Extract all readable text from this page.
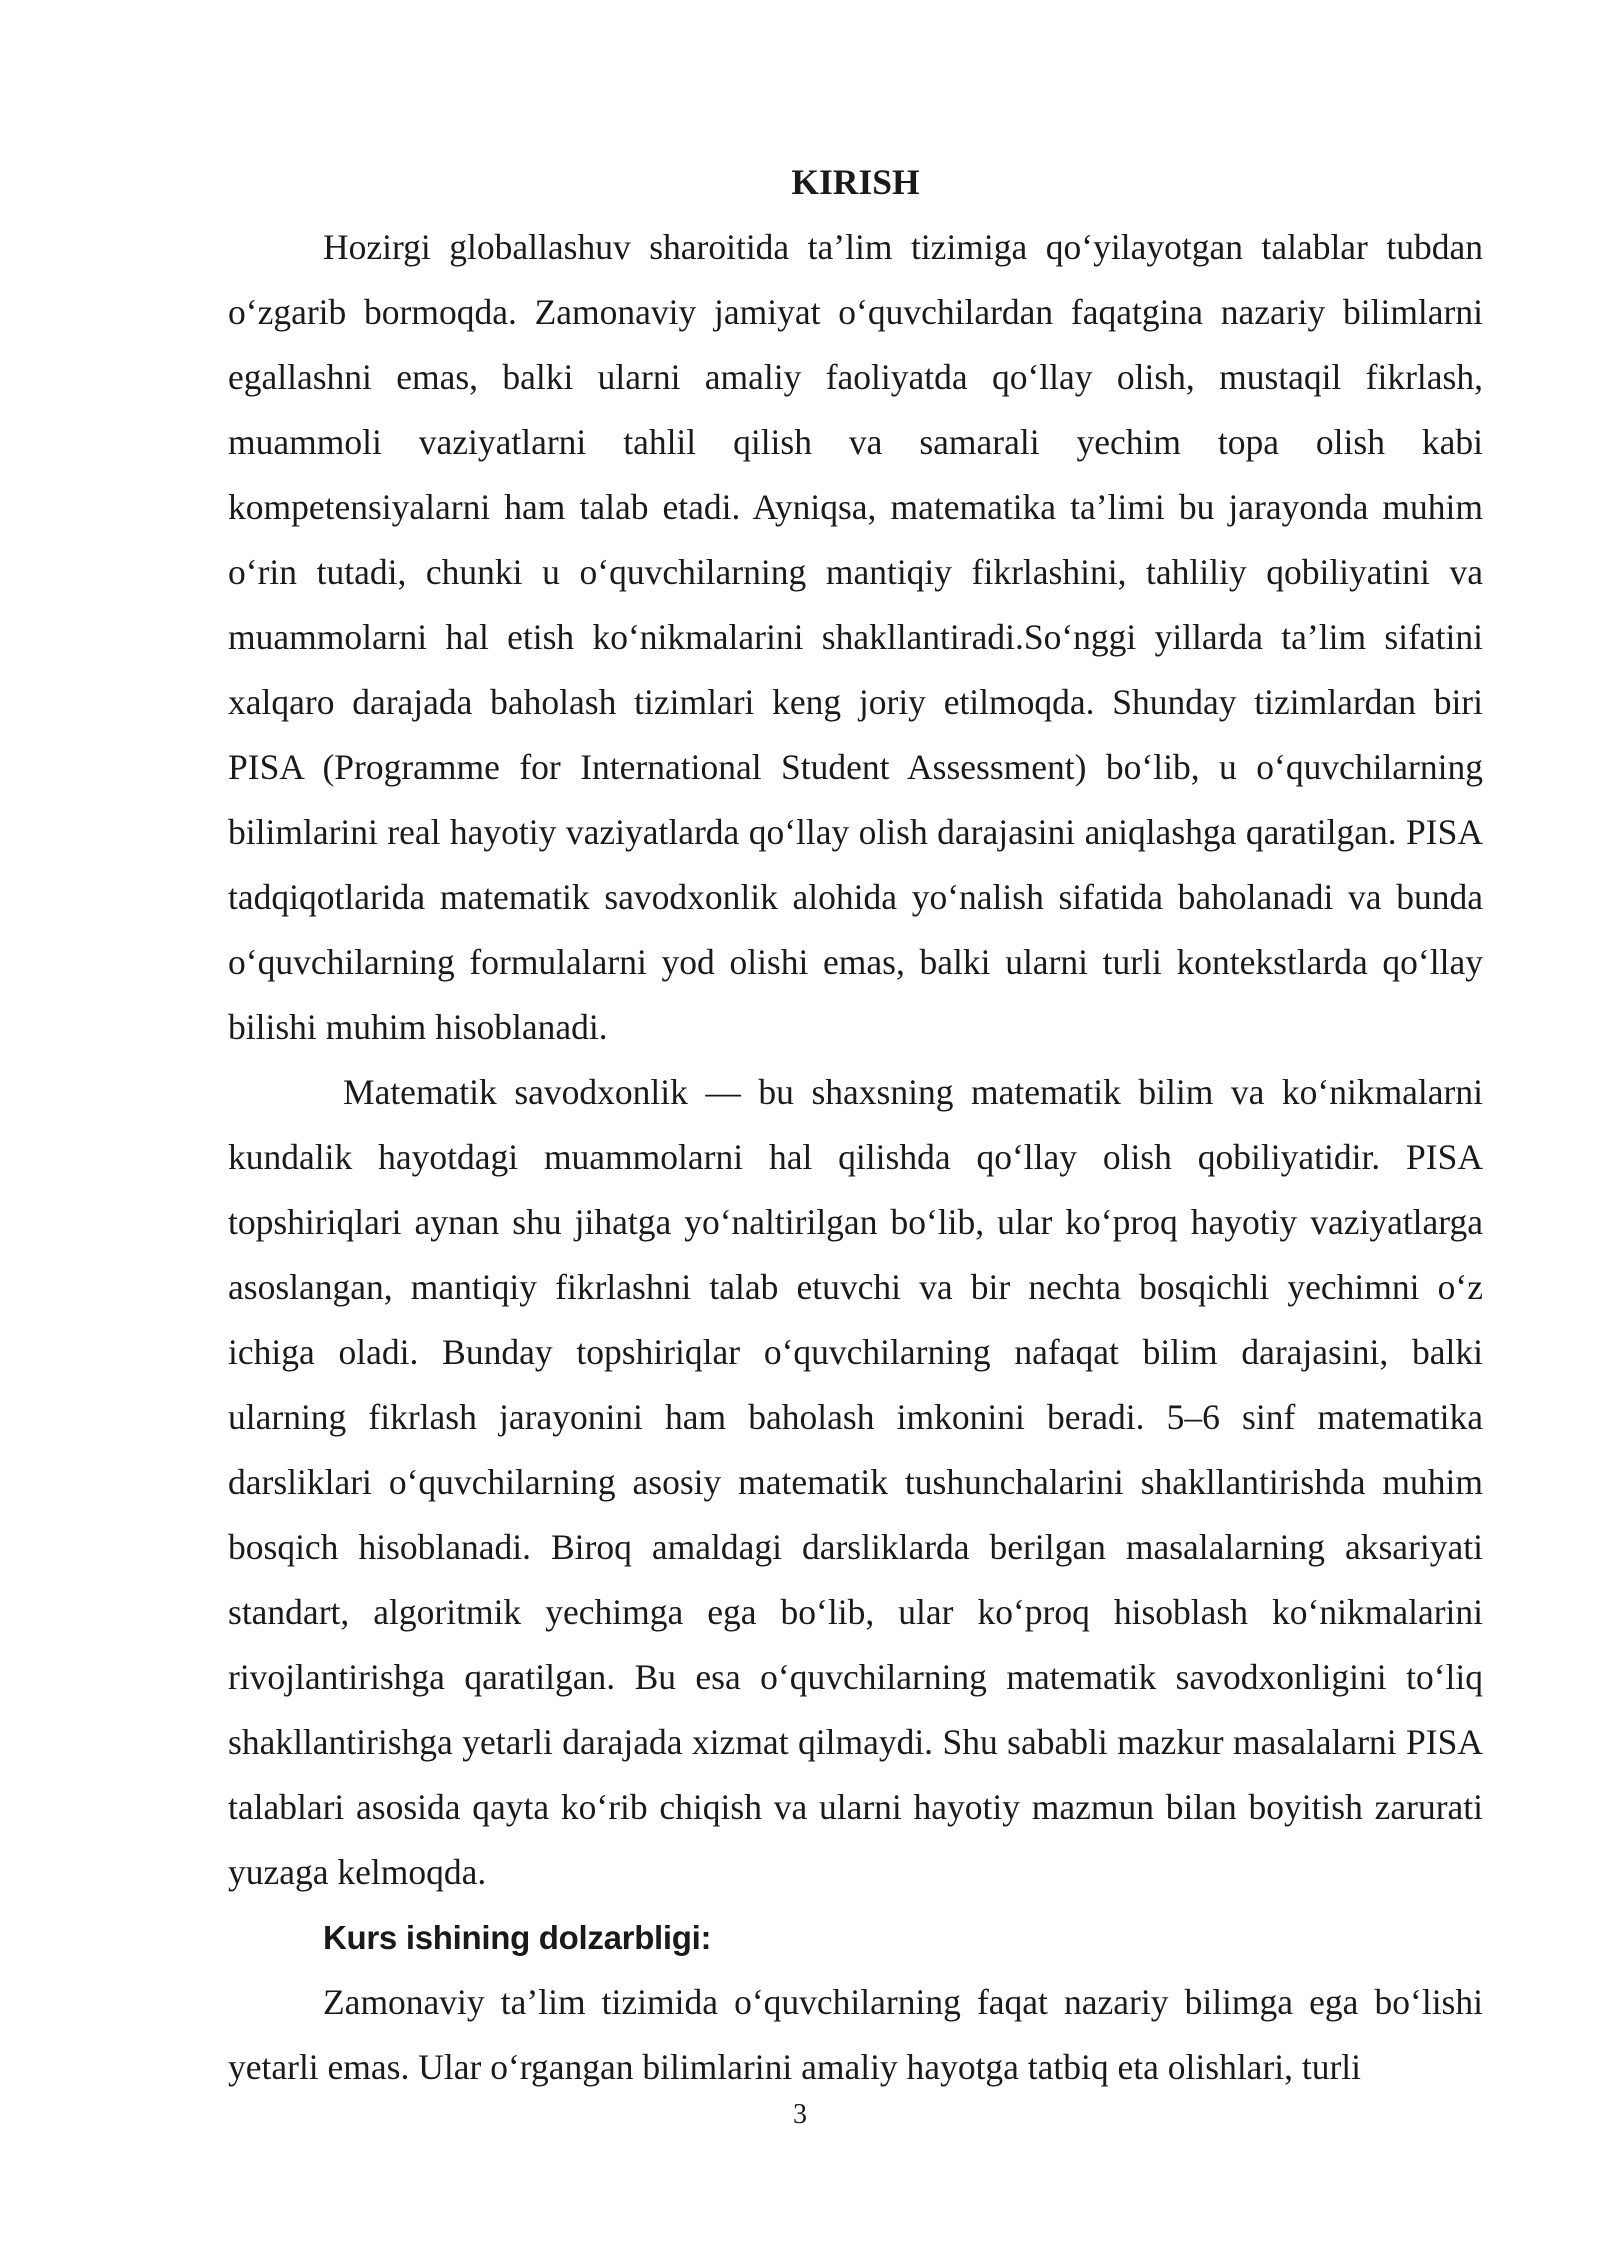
KIRISH

Hozirgi globallashuv sharoitida ta’lim tizimiga qo‘yilayotgan talablar tubdan o‘zgarib bormoqda. Zamonaviy jamiyat o‘quvchilardan faqatgina nazariy bilimlarni egallashni emas, balki ularni amaliy faoliyatda qo‘llay olish, mustaqil fikrlash, muammoli vaziyatlarni tahlil qilish va samarali yechim topa olish kabi kompetensiyalarni ham talab etadi. Ayniqsa, matematika ta’limi bu jarayonda muhim o‘rin tutadi, chunki u o‘quvchilarning mantiqiy fikrlashini, tahliliy qobiliyatini va muammolarni hal etish ko‘nikmalarini shakllantiradi.So‘nggi yillarda ta’lim sifatini xalqaro darajada baholash tizimlari keng joriy etilmoqda. Shunday tizimlardan biri PISA (Programme for International Student Assessment) bo‘lib, u o‘quvchilarning bilimlarini real hayotiy vaziyatlarda qo‘llay olish darajasini aniqlashga qaratilgan. PISA tadqiqotlarida matematik savodxonlik alohida yo‘nalish sifatida baholanadi va bunda o‘quvchilarning formulalarni yod olishi emas, balki ularni turli kontekstlarda qo‘llay bilishi muhim hisoblanadi.

Matematik savodxonlik — bu shaxsning matematik bilim va ko‘nikmalarni kundalik hayotdagi muammolarni hal qilishda qo‘llay olish qobiliyatidir. PISA topshiriqlari aynan shu jihatga yo‘naltirilgan bo‘lib, ular ko‘proq hayotiy vaziyatlarga asoslangan, mantiqiy fikrlashni talab etuvchi va bir nechta bosqichli yechimni o‘z ichiga oladi. Bunday topshiriqlar o‘quvchilarning nafaqat bilim darajasini, balki ularning fikrlash jarayonini ham baholash imkonini beradi. 5–6 sinf matematika darsliklari o‘quvchilarning asosiy matematik tushunchalarini shakllantirishda muhim bosqich hisoblanadi. Biroq amaldagi darsliklarda berilgan masalalarning aksariyati standart, algoritmik yechimga ega bo‘lib, ular ko‘proq hisoblash ko‘nikmalarini rivojlantirishga qaratilgan. Bu esa o‘quvchilarning matematik savodxonligini to‘liq shakllantirishga yetarli darajada xizmat qilmaydi. Shu sababli mazkur masalalarni PISA talablari asosida qayta ko‘rib chiqish va ularni hayotiy mazmun bilan boyitish zarurati yuzaga kelmoqda.

Kurs ishining dolzarbligi:

Zamonaviy ta’lim tizimida o‘quvchilarning faqat nazariy bilimga ega bo‘lishi yetarli emas. Ular o‘rgangan bilimlarini amaliy hayotga tatbiq eta olishlari, turli

3
